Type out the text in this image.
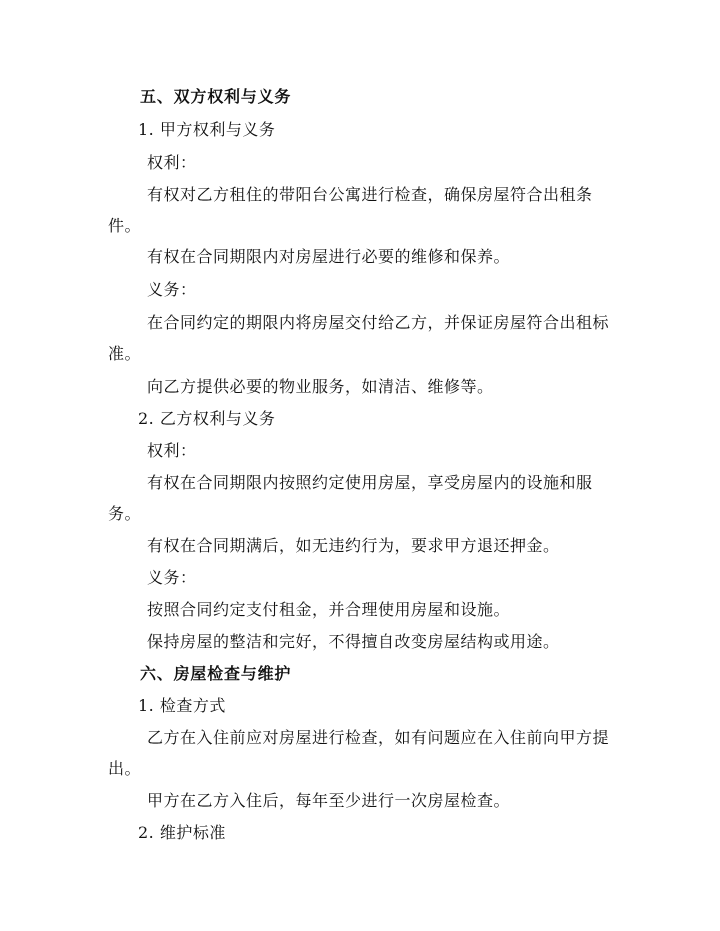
五、双方权利与义务
1. 甲方权利与义务
权利：
有权对乙方租住的带阳台公寓进行检查，确保房屋符合出租条
件。
有权在合同期限内对房屋进行必要的维修和保养。
义务：
在合同约定的期限内将房屋交付给乙方，并保证房屋符合出租标
准。
向乙方提供必要的物业服务，如清洁、维修等。
2. 乙方权利与义务
权利：
有权在合同期限内按照约定使用房屋，享受房屋内的设施和服
务。
有权在合同期满后，如无违约行为，要求甲方退还押金。
义务：
按照合同约定支付租金，并合理使用房屋和设施。
保持房屋的整洁和完好，不得擅自改变房屋结构或用途。
六、房屋检查与维护
1. 检查方式
乙方在入住前应对房屋进行检查，如有问题应在入住前向甲方提
出。
甲方在乙方入住后，每年至少进行一次房屋检查。
2. 维护标准
